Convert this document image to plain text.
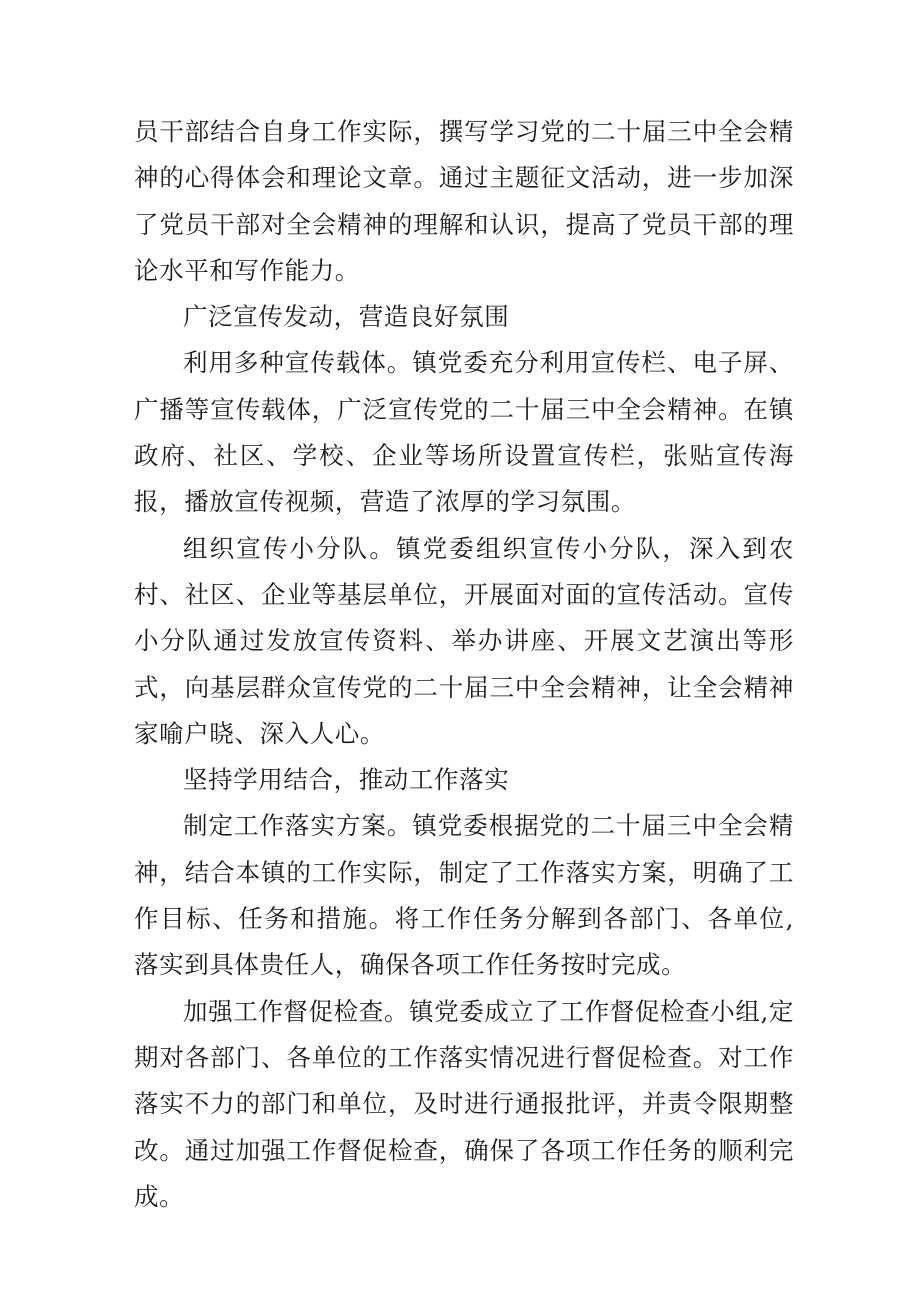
员干部结合自身工作实际，撰写学习党的二十届三中全会精神的心得体会和理论文章。通过主题征文活动，进一步加深了党员干部对全会精神的理解和认识，提高了党员干部的理论水平和写作能力。

广泛宣传发动，营造良好氛围

利用多种宣传载体。镇党委充分利用宣传栏、电子屏、广播等宣传载体，广泛宣传党的二十届三中全会精神。在镇政府、社区、学校、企业等场所设置宣传栏，张贴宣传海报，播放宣传视频，营造了浓厚的学习氛围。

组织宣传小分队。镇党委组织宣传小分队，深入到农村、社区、企业等基层单位，开展面对面的宣传活动。宣传小分队通过发放宣传资料、举办讲座、开展文艺演出等形式，向基层群众宣传党的二十届三中全会精神，让全会精神家喻户晓、深入人心。

坚持学用结合，推动工作落实

制定工作落实方案。镇党委根据党的二十届三中全会精神，结合本镇的工作实际，制定了工作落实方案，明确了工作目标、任务和措施。将工作任务分解到各部门、各单位,落实到具体贵任人，确保各项工作任务按时完成。

加强工作督促检查。镇党委成立了工作督促检查小组,定期对各部门、各单位的工作落实情况进行督促检查。对工作落实不力的部门和单位，及时进行通报批评，并责令限期整改。通过加强工作督促检查，确保了各项工作任务的顺利完成。
